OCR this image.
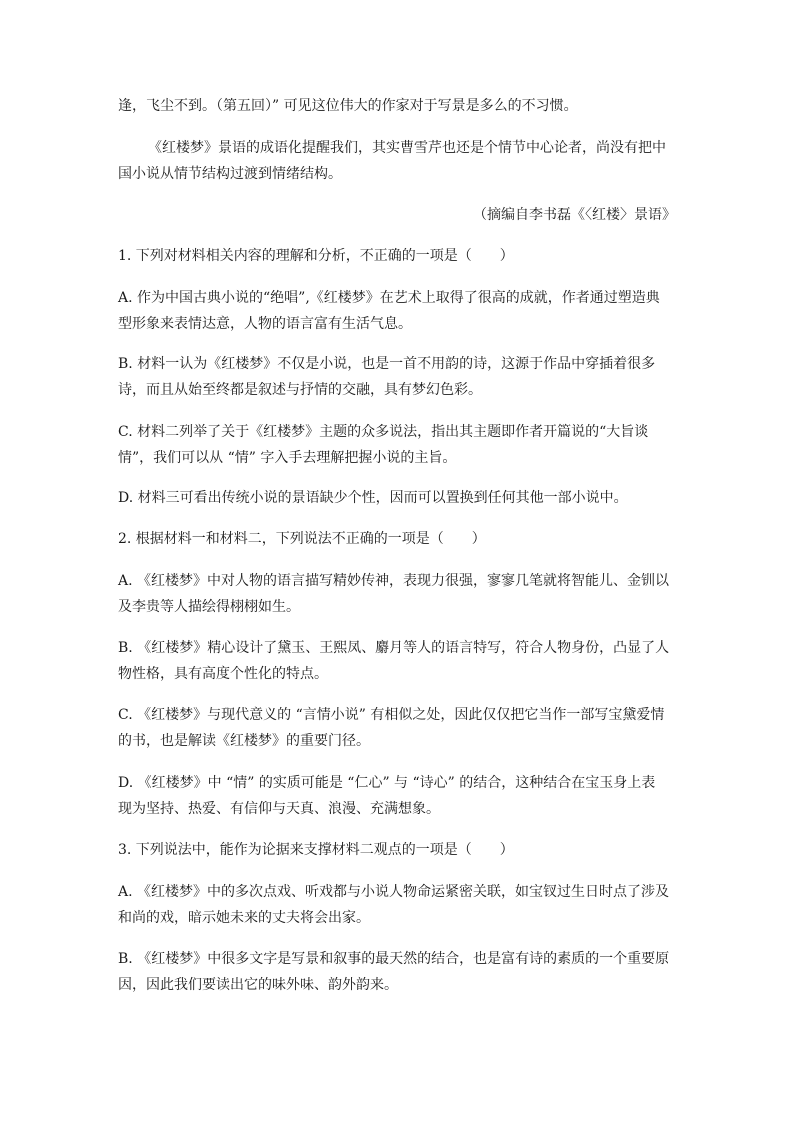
逢，飞尘不到。（第五回）” 可见这位伟大的作家对于写景是多么的不习惯。
《红楼梦》景语的成语化提醒我们，其实曹雪芹也还是个情节中心论者，尚没有把中
国小说从情节结构过渡到情绪结构。
（摘编自李书磊《〈红楼〉景语》
1. 下列对材料相关内容的理解和分析，不正确的一项是（　　）
A. 作为中国古典小说的“绝唱”,《红楼梦》在艺术上取得了很高的成就，作者通过塑造典
型形象来表情达意，人物的语言富有生活气息。
B. 材料一认为《红楼梦》不仅是小说，也是一首不用韵的诗，这源于作品中穿插着很多
诗，而且从始至终都是叙述与抒情的交融，具有梦幻色彩。
C. 材料二列举了关于《红楼梦》主题的众多说法，指出其主题即作者开篇说的“大旨谈
情”，我们可以从 “情” 字入手去理解把握小说的主旨。
D. 材料三可看出传统小说的景语缺少个性，因而可以置换到任何其他一部小说中。
2. 根据材料一和材料二，下列说法不正确的一项是（　　）
A. 《红楼梦》中对人物的语言描写精妙传神，表现力很强，寥寥几笔就将智能儿、金钏以
及李贵等人描绘得栩栩如生。
B. 《红楼梦》精心设计了黛玉、王熙凤、麝月等人的语言特写，符合人物身份，凸显了人
物性格，具有高度个性化的特点。
C. 《红楼梦》与现代意义的 “言情小说” 有相似之处，因此仅仅把它当作一部写宝黛爱情
的书，也是解读《红楼梦》的重要门径。
D. 《红楼梦》中 “情” 的实质可能是 “仁心” 与 “诗心” 的结合，这种结合在宝玉身上表
现为坚持、热爱、有信仰与天真、浪漫、充满想象。
3. 下列说法中，能作为论据来支撑材料二观点的一项是（　　）
A. 《红楼梦》中的多次点戏、听戏都与小说人物命运紧密关联，如宝钗过生日时点了涉及
和尚的戏，暗示她未来的丈夫将会出家。
B. 《红楼梦》中很多文字是写景和叙事的最天然的结合，也是富有诗的素质的一个重要原
因，因此我们要读出它的味外味、韵外韵来。
